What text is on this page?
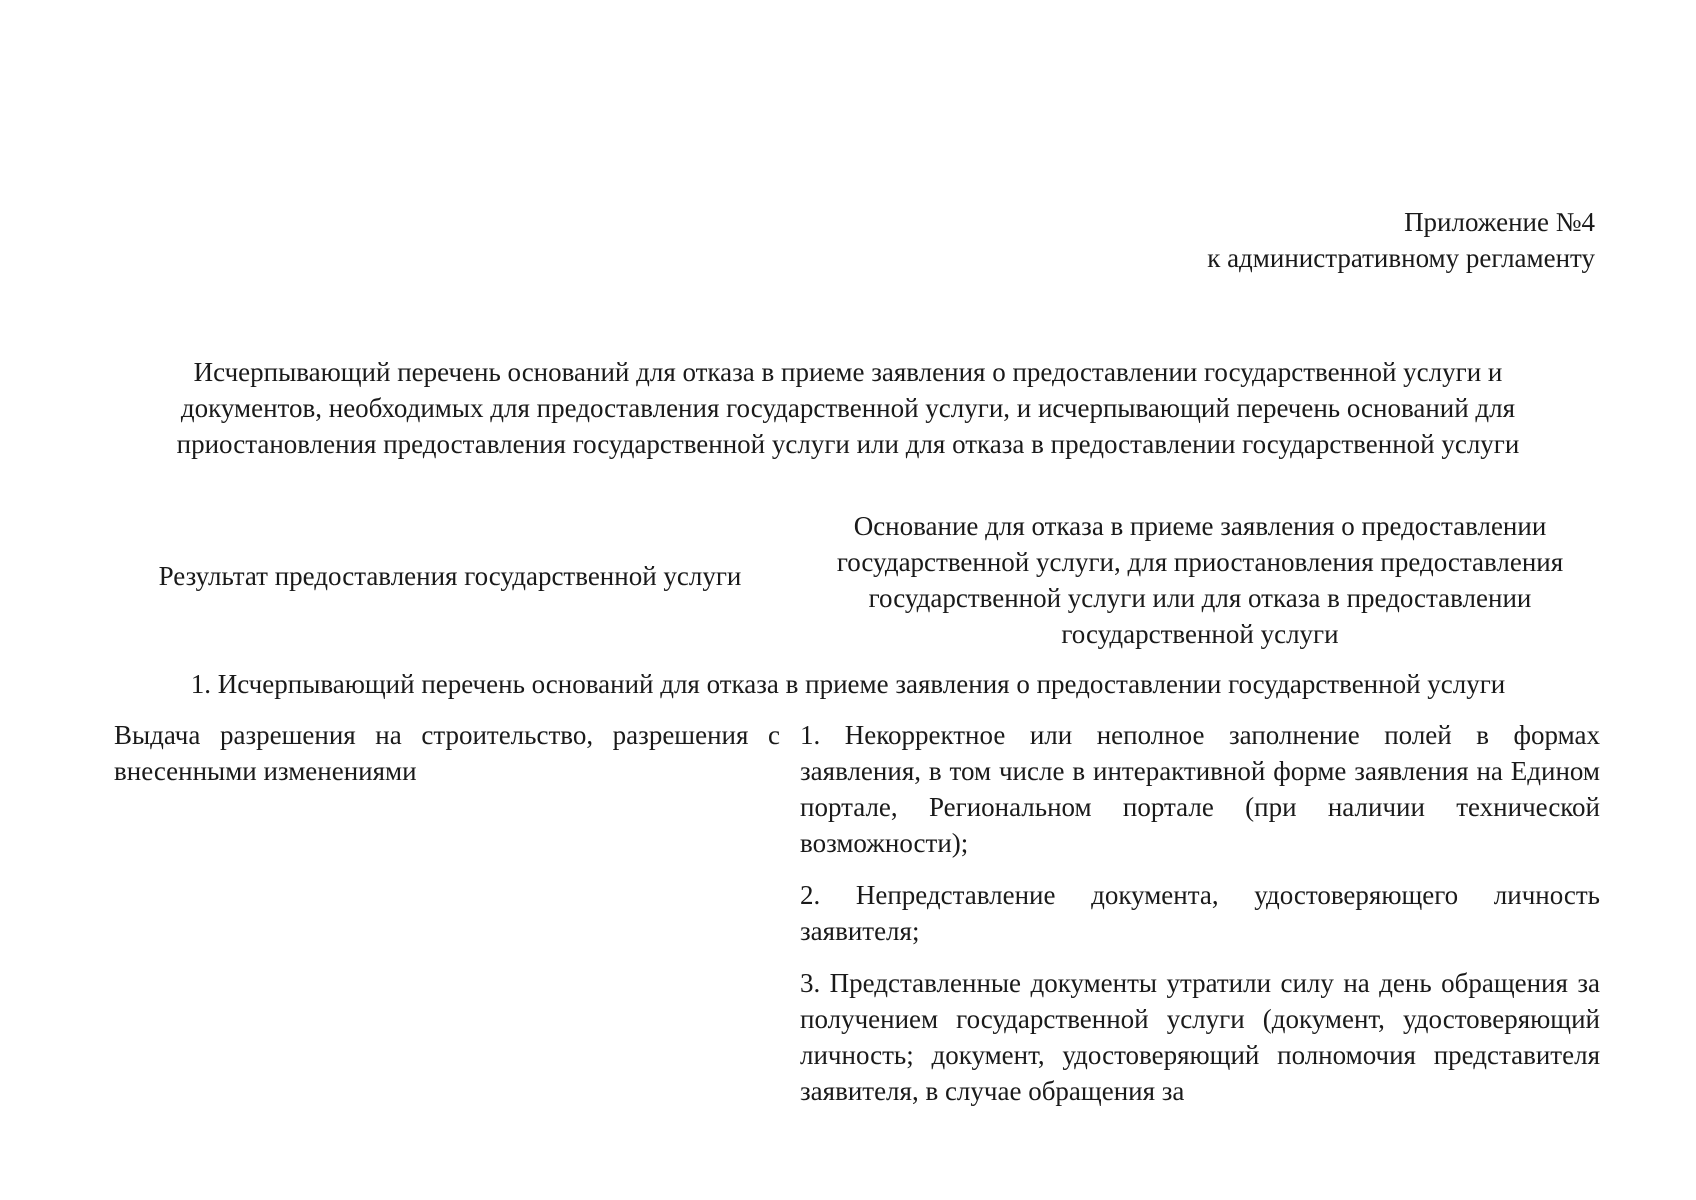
Приложение №4
к административному регламенту
Исчерпывающий перечень оснований для отказа в приеме заявления о предоставлении государственной услуги и документов, необходимых для предоставления государственной услуги, и исчерпывающий перечень оснований для приостановления предоставления государственной услуги или для отказа в предоставлении государственной услуги
Результат предоставления государственной услуги
Основание для отказа в приеме заявления о предоставлении государственной услуги, для приостановления предоставления государственной услуги или для отказа в предоставлении государственной услуги
1. Исчерпывающий перечень оснований для отказа в приеме заявления о предоставлении государственной услуги
Выдача разрешения на строительство, разрешения с внесенными изменениями
1. Некорректное или неполное заполнение полей в формах заявления, в том числе в интерактивной форме заявления на Едином портале, Региональном портале (при наличии технической возможности);
2. Непредставление документа, удостоверяющего личность заявителя;
3. Представленные документы утратили силу на день обращения за получением государственной услуги (документ, удостоверяющий личность; документ, удостоверяющий полномочия представителя заявителя, в случае обращения за
